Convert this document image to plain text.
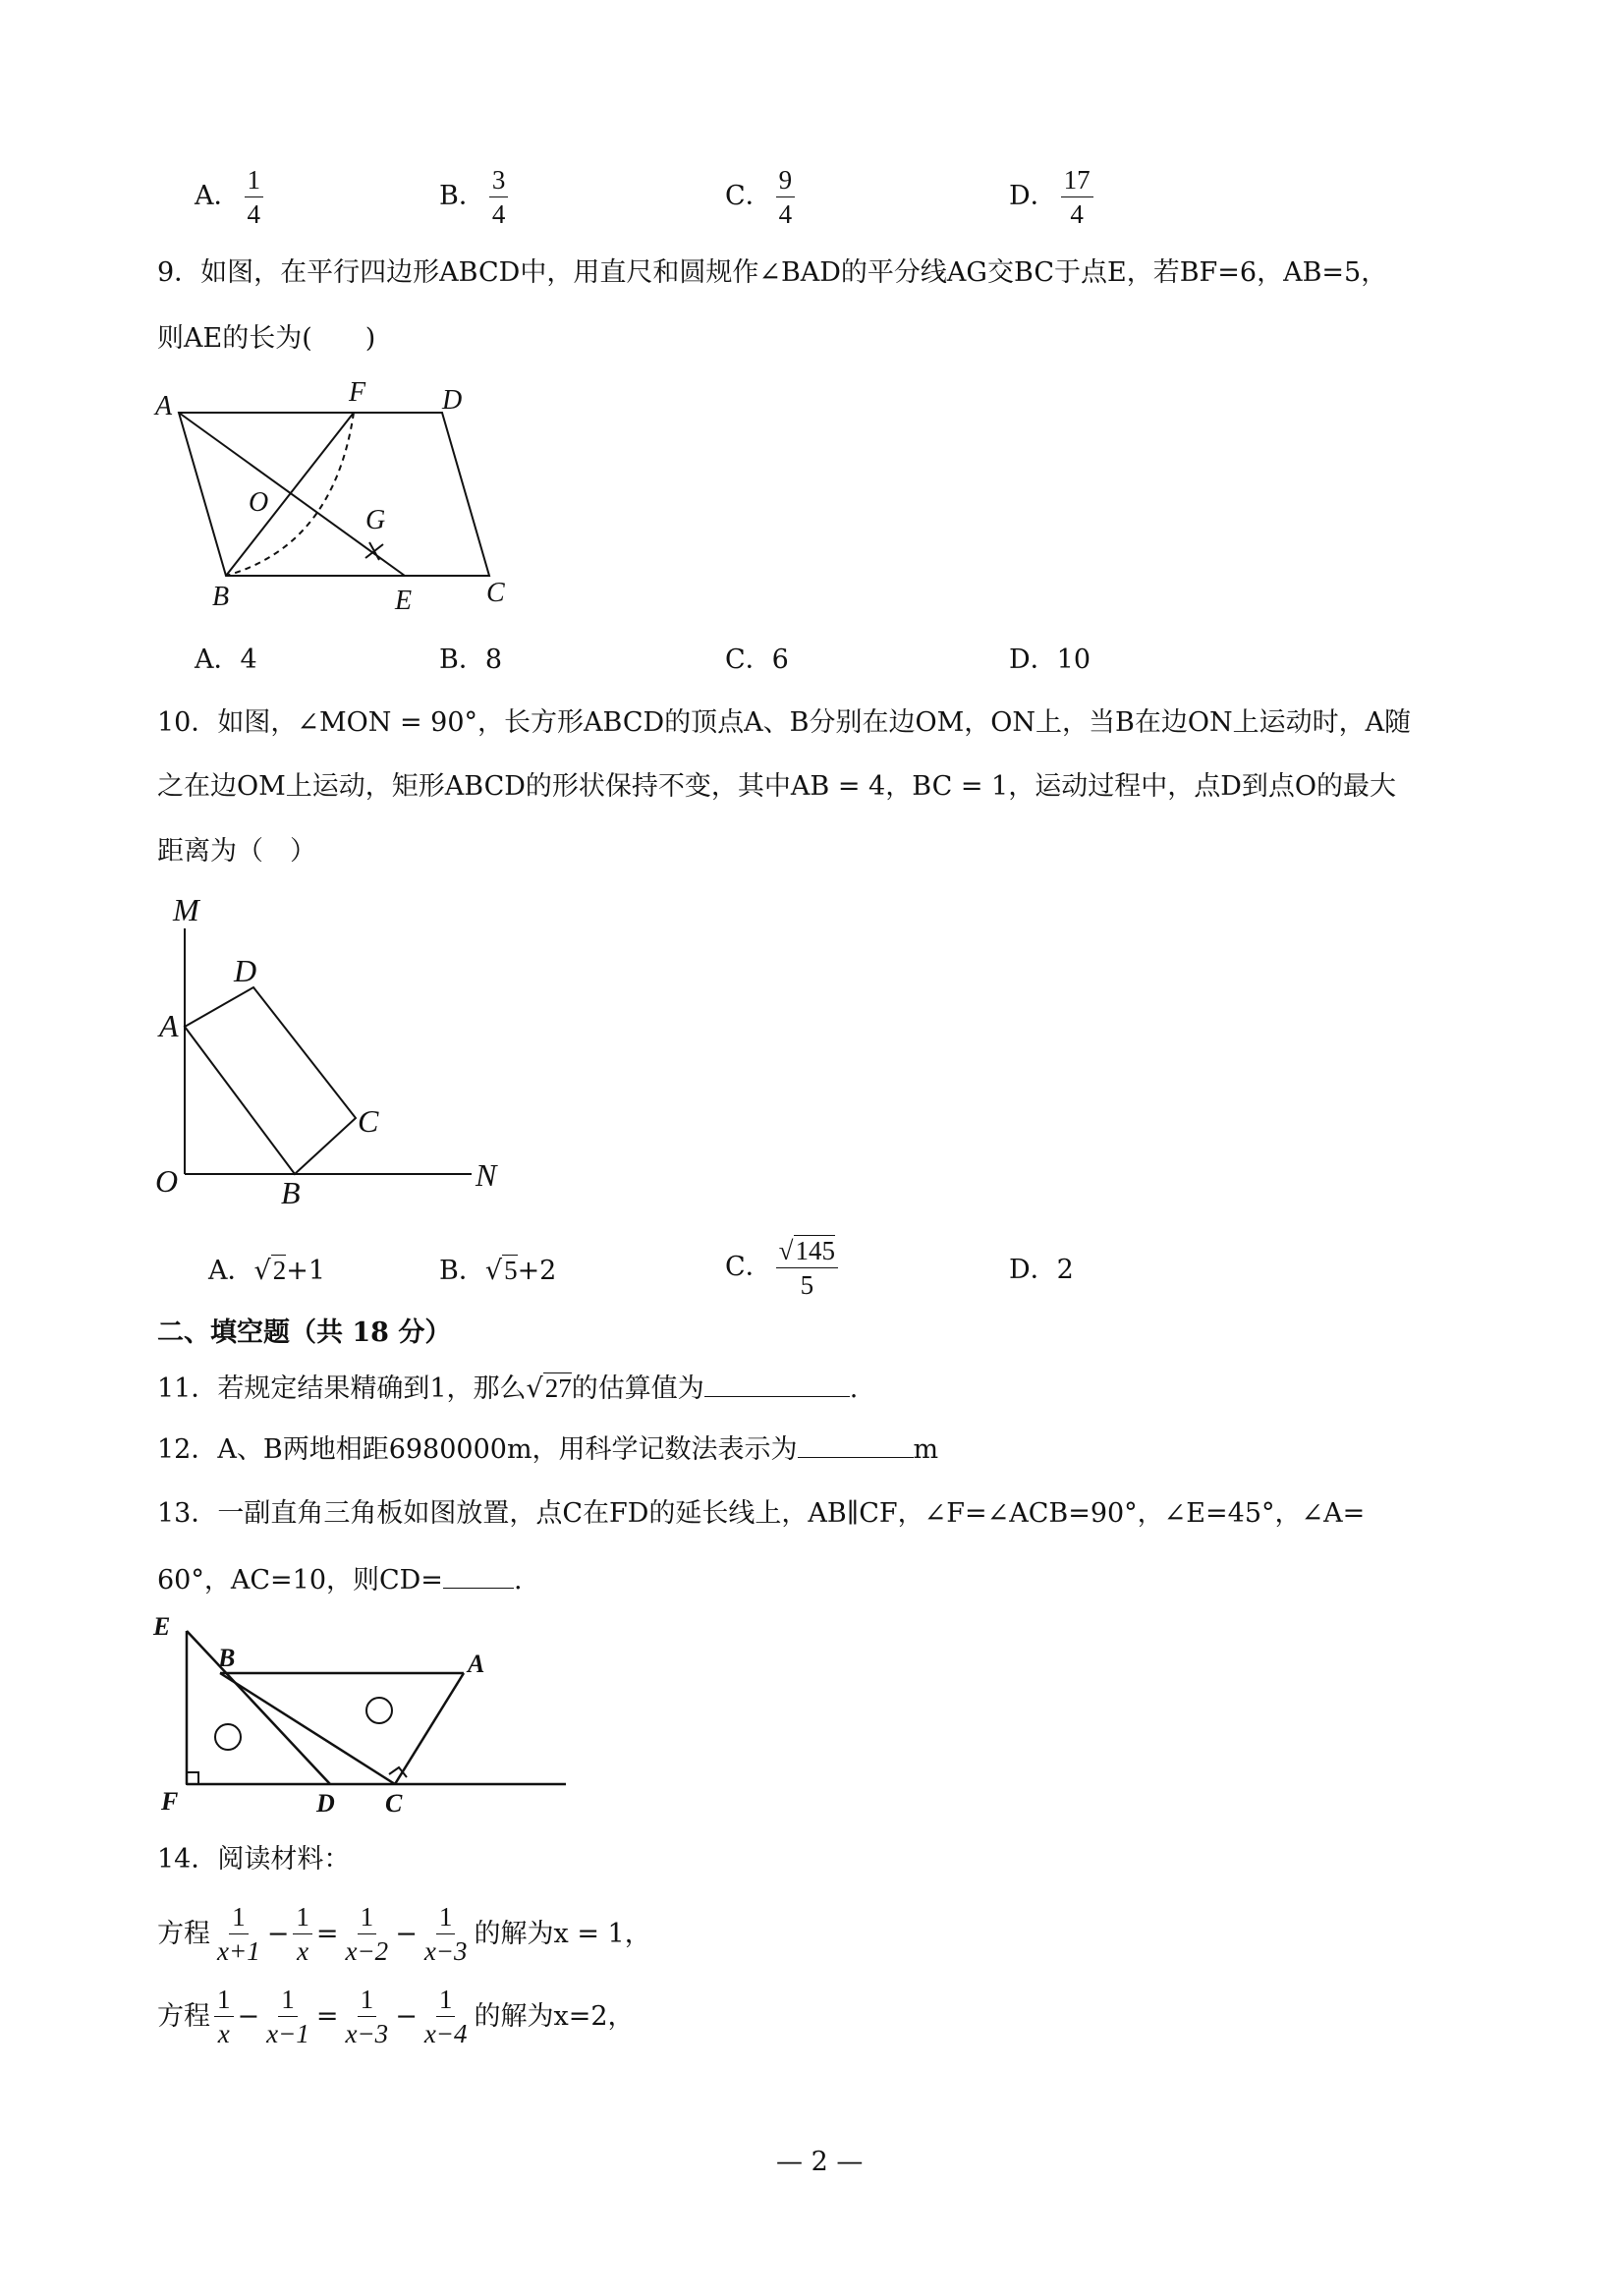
A． $\frac{1}{4}$	B． $\frac{3}{4}$	C． $\frac{9}{4}$	D． $\frac{17}{4}$
9．如图，在平行四边形ABCD中，用直尺和圆规作∠BAD的平分线AG交BC于点E，若BF=6，AB=5，
则AE的长为(　　)
A	F	D
O
G
B	E	C
A．4	B．8	C．6	D．10
10．如图，∠MON = 90°，长方形ABCD的顶点A、B分别在边OM，ON上，当B在边ON上运动时，A随
之在边OM上运动，矩形ABCD的形状保持不变，其中AB = 4，BC = 1，运动过程中，点D到点O的最大
距离为（　）
M
D
A
C
O	B	N
A．√2+1	B．√5+2	C． $\frac{√145}{5}$	D．2
二、填空题（共 18 分）
11．若规定结果精确到1，那么√27的估算值为	.
12．A、B两地相距6980000m，用科学记数法表示为	m
13．一副直角三角板如图放置，点C在FD的延长线上，AB∥CF，∠F=∠ACB=90°，∠E=45°，∠A=
60°，AC=10，则CD=	.
E
B	A
F	D C
14．阅读材料：
方程 $\frac{1}{x+1} - \frac{1}{x} = \frac{1}{x-2} - \frac{1}{x-3}$ 的解为x = 1，
方程 $\frac{1}{x} - \frac{1}{x-1} = \frac{1}{x-3} - \frac{1}{x-4}$ 的解为x=2，
— 2 —
